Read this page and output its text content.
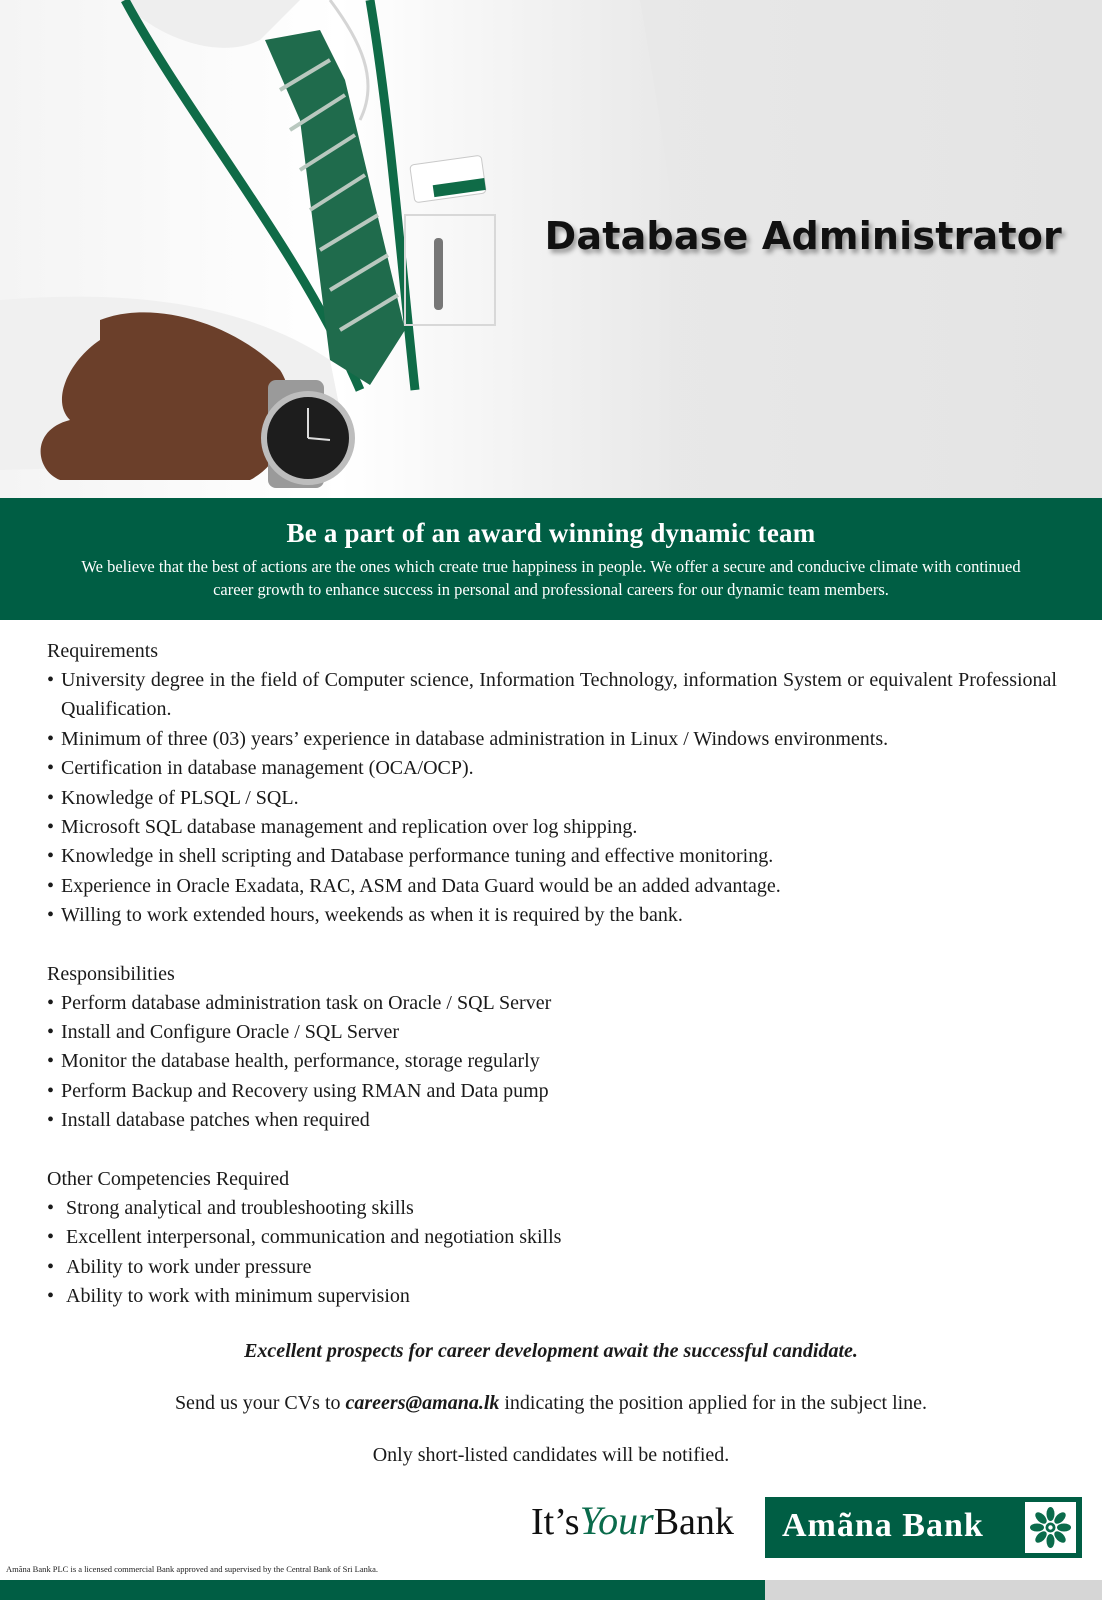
Database Administrator
Be a part of an award winning dynamic team

We believe that the best of actions are the ones which create true happiness in people. We offer a secure and conducive climate with continued career growth to enhance success in personal and professional careers for our dynamic team members.

Requirements
• University degree in the field of Computer science, Information Technology, information System or equivalent Professional Qualification.
• Minimum of three (03) years’ experience in database administration in Linux / Windows environments.
• Certification in database management (OCA/OCP).
• Knowledge of PLSQL / SQL.
• Microsoft SQL database management and replication over log shipping.
• Knowledge in shell scripting and Database performance tuning and effective monitoring.
• Experience in Oracle Exadata, RAC, ASM and Data Guard would be an added advantage.
• Willing to work extended hours, weekends as when it is required by the bank.
Responsibilities
• Perform database administration task on Oracle / SQL Server
• Install and Configure Oracle / SQL Server
• Monitor the database health, performance, storage regularly
• Perform Backup and Recovery using RMAN and Data pump
• Install database patches when required
Other Competencies Required
• Strong analytical and troubleshooting skills
• Excellent interpersonal, communication and negotiation skills
• Ability to work under pressure
• Ability to work with minimum supervision

Excellent prospects for career development await the successful candidate.

Send us your CVs to careers@amana.lk indicating the position applied for in the subject line.

Only short-listed candidates will be notified.

It’sYourBank Amãna Bank

Amãna Bank PLC is a licensed commercial Bank approved and supervised by the Central Bank of Sri Lanka.
